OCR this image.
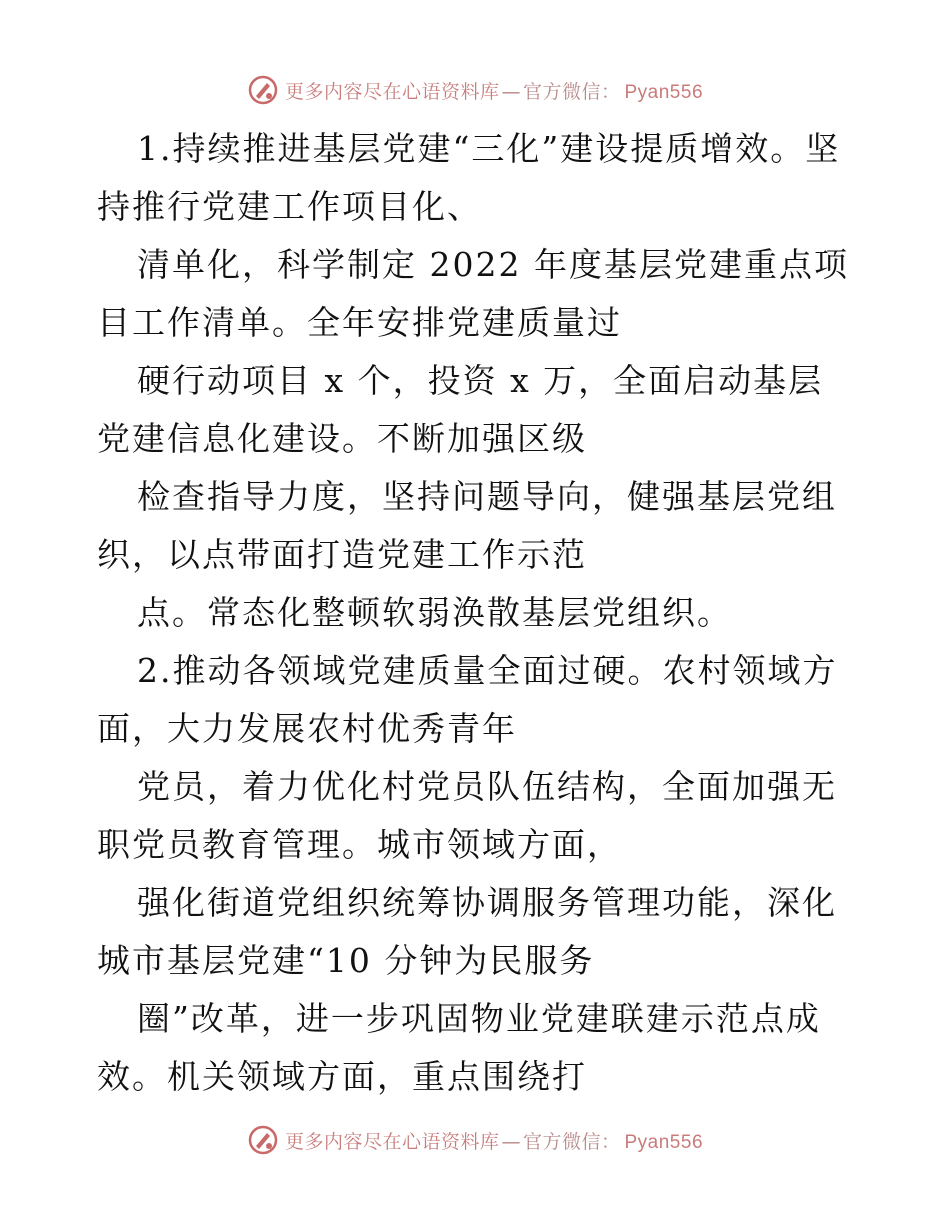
更多内容尽在心语资料库 — 官方微信： Pyan556

1.持续推进基层党建“三化”建设提质增效。坚持推行党建工作项目化、

清单化，科学制定 2022 年度基层党建重点项目工作清单。全年安排党建质量过

硬行动项目 x 个，投资 x 万，全面启动基层党建信息化建设。不断加强区级

检查指导力度，坚持问题导向，健强基层党组织，以点带面打造党建工作示范

点。常态化整顿软弱涣散基层党组织。

2.推动各领域党建质量全面过硬。农村领域方面，大力发展农村优秀青年

党员，着力优化村党员队伍结构，全面加强无职党员教育管理。城市领域方面，

强化街道党组织统筹协调服务管理功能，深化城市基层党建“10 分钟为民服务

圈”改革，进一步巩固物业党建联建示范点成效。机关领域方面，重点围绕打

更多内容尽在心语资料库 — 官方微信： Pyan556
